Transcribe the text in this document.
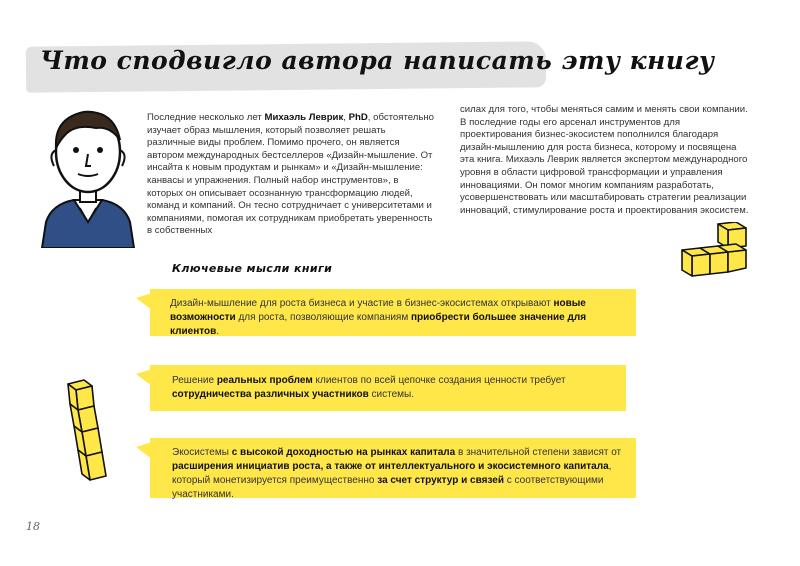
Что сподвигло автора написать эту книгу
Последние несколько лет Михаэль Леврик, PhD, обстоятельно изучает образ мышления, который позволяет решать различные виды проблем. Помимо прочего, он является автором международных бестселлеров «Дизайн-мышление. От инсайта к новым продуктам и рынкам» и «Дизайн-мышление: канвасы и упражнения. Полный набор инструментов», в которых он описывает осознанную трансформацию людей, команд и компаний. Он тесно сотрудничает с университетами и компаниями, помогая их сотрудникам приобретать уверенность в собственных
силах для того, чтобы меняться самим и менять свои компании. В последние годы его арсенал инструментов для проектирования бизнес-экосистем пополнился благодаря дизайн-мышлению для роста бизнеса, которому и посвящена эта книга. Михаэль Леврик является экспертом международного уровня в области цифровой трансформации и управления инновациями. Он помог многим компаниям разработать, усовершенствовать или масштабировать стратегии реализации инноваций, стимулирование роста и проектирования экосистем.
Ключевые мысли книги

Дизайн-мышление для роста бизнеса и участие в бизнес-экосистемах открывают новые возможности для роста, позволяющие компаниям приобрести большее значение для клиентов.

Решение реальных проблем клиентов по всей цепочке создания ценности требует сотрудничества различных участников системы.

Экосистемы с высокой доходностью на рынках капитала в значительной степени зависят от расширения инициатив роста, а также от интеллектуального и экосистемного капитала, который монетизируется преимущественно за счет структур и связей с соответствующими участниками.

18
